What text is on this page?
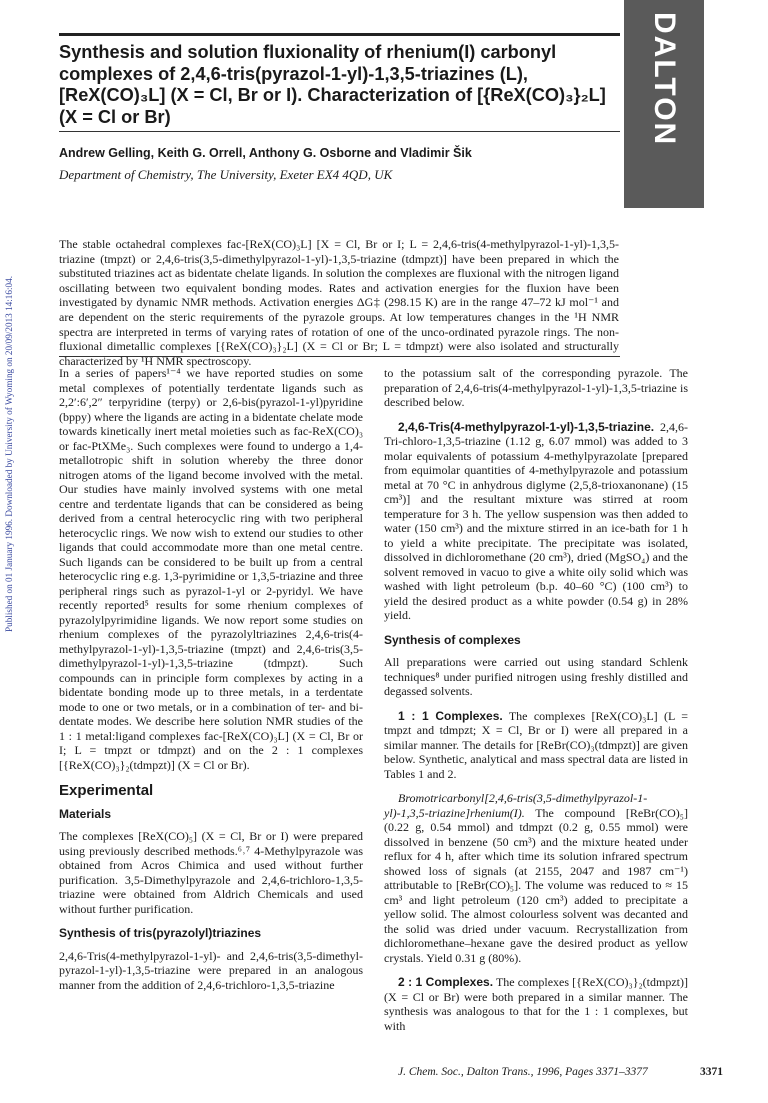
DALTON
Synthesis and solution fluxionality of rhenium(I) carbonyl complexes of 2,4,6-tris(pyrazol-1-yl)-1,3,5-triazines (L), [ReX(CO)₃L] (X = Cl, Br or I). Characterization of [{ReX(CO)₃}₂L] (X = Cl or Br)
Andrew Gelling, Keith G. Orrell, Anthony G. Osborne and Vladimir Šik
Department of Chemistry, The University, Exeter EX4 4QD, UK
Published on 01 January 1996. Downloaded by University of Wyoming on 20/09/2013 14:16:04.

The stable octahedral complexes fac-[ReX(CO)₃L] [X = Cl, Br or I; L = 2,4,6-tris(4-methylpyrazol-1-yl)-1,3,5-triazine (tmpzt) or 2,4,6-tris(3,5-dimethylpyrazol-1-yl)-1,3,5-triazine (tdmpzt)] have been prepared in which the substituted triazines act as bidentate chelate ligands. In solution the complexes are fluxional with the nitrogen ligand oscillating between two equivalent bonding modes. Rates and activation energies for the fluxion have been investigated by dynamic NMR methods. Activation energies ΔG‡ (298.15 K) are in the range 47–72 kJ mol⁻¹ and are dependent on the steric requirements of the pyrazole groups. At low temperatures changes in the ¹H NMR spectra are interpreted in terms of varying rates of rotation of one of the unco-ordinated pyrazole rings. The non-fluxional dimetallic complexes [{ReX(CO)₃}₂L] (X = Cl or Br; L = tdmpzt) were also isolated and structurally characterized by ¹H NMR spectroscopy.

In a series of papers¹⁻⁴ we have reported studies on some metal complexes of potentially terdentate ligands such as 2,2′:6′,2″ terpyridine (terpy) or 2,6-bis(pyrazol-1-yl)pyridine (bppy) where the ligands are acting in a bidentate chelate mode towards kinetically inert metal moieties such as fac-ReX(CO)₃ or fac-PtXMe₃. Such complexes were found to undergo a 1,4-metallotropic shift in solution whereby the three donor nitrogen atoms of the ligand become involved with the metal. Our studies have mainly involved systems with one metal centre and terdentate ligands that can be considered as being derived from a central heterocyclic ring with two peripheral heterocyclic rings. We now wish to extend our studies to other ligands that could accommodate more than one metal centre. Such ligands can be considered to be built up from a central heterocyclic ring e.g. 1,3-pyrimidine or 1,3,5-triazine and three peripheral rings such as pyrazol-1-yl or 2-pyridyl. We have recently reported⁵ results for some rhenium complexes of pyrazolylpyrimidine ligands. We now report some studies on rhenium complexes of the pyrazolyltriazines 2,4,6-tris(4-methylpyrazol-1-yl)-1,3,5-triazine (tmpzt) and 2,4,6-tris(3,5-dimethylpyrazol-1-yl)-1,3,5-triazine (tdmpzt). Such compounds can in principle form complexes by acting in a bidentate bonding mode up to three metals, in a terdentate mode to one or two metals, or in a combination of ter- and bi-dentate modes. We describe here solution NMR studies of the 1 : 1 metal:ligand complexes fac-[ReX(CO)₃L] (X = Cl, Br or I; L = tmpzt or tdmpzt) and on the 2 : 1 complexes [{ReX(CO)₃}₂(tdmpzt)] (X = Cl or Br).

Experimental
Materials

The complexes [ReX(CO)₅] (X = Cl, Br or I) were prepared using previously described methods.⁶˒⁷ 4-Methylpyrazole was obtained from Acros Chimica and used without further purification. 3,5-Dimethylpyrazole and 2,4,6-trichloro-1,3,5-triazine were obtained from Aldrich Chemicals and used without further purification.

Synthesis of tris(pyrazolyl)triazines

2,4,6-Tris(4-methylpyrazol-1-yl)- and 2,4,6-tris(3,5-dimethyl-pyrazol-1-yl)-1,3,5-triazine were prepared in an analogous manner from the addition of 2,4,6-trichloro-1,3,5-triazine

to the potassium salt of the corresponding pyrazole. The preparation of 2,4,6-tris(4-methylpyrazol-1-yl)-1,3,5-triazine is described below.

2,4,6-Tris(4-methylpyrazol-1-yl)-1,3,5-triazine. 2,4,6-Tri-chloro-1,3,5-triazine (1.12 g, 6.07 mmol) was added to 3 molar equivalents of potassium 4-methylpyrazolate [prepared from equimolar quantities of 4-methylpyrazole and potassium metal at 70 °C in anhydrous diglyme (2,5,8-trioxanonane) (15 cm³)] and the resultant mixture was stirred at room temperature for 3 h. The yellow suspension was then added to water (150 cm³) and the mixture stirred in an ice-bath for 1 h to yield a white precipitate. The precipitate was isolated, dissolved in dichloromethane (20 cm³), dried (MgSO₄) and the solvent removed in vacuo to give a white oily solid which was washed with light petroleum (b.p. 40–60 °C) (100 cm³) to yield the desired product as a white powder (0.54 g) in 28% yield.

Synthesis of complexes

All preparations were carried out using standard Schlenk techniques⁸ under purified nitrogen using freshly distilled and degassed solvents.

1 : 1 Complexes. The complexes [ReX(CO)₃L] (L = tmpzt and tdmpzt; X = Cl, Br or I) were all prepared in a similar manner. The details for [ReBr(CO)₃(tdmpzt)] are given below. Synthetic, analytical and mass spectral data are listed in Tables 1 and 2.

Bromotricarbonyl[2,4,6-tris(3,5-dimethylpyrazol-1-yl)-1,3,5-triazine]rhenium(I). The compound [ReBr(CO)₅] (0.22 g, 0.54 mmol) and tdmpzt (0.2 g, 0.55 mmol) were dissolved in benzene (50 cm³) and the mixture heated under reflux for 4 h, after which time its solution infrared spectrum showed loss of signals (at 2155, 2047 and 1987 cm⁻¹) attributable to [ReBr(CO)₅]. The volume was reduced to ≈ 15 cm³ and light petroleum (120 cm³) added to precipitate a yellow solid. The almost colourless solvent was decanted and the solid was dried under vacuum. Recrystallization from dichloromethane–hexane gave the desired product as yellow crystals. Yield 0.31 g (80%).

2 : 1 Complexes. The complexes [{ReX(CO)₃}₂(tdmpzt)] (X = Cl or Br) were both prepared in a similar manner. The synthesis was analogous to that for the 1 : 1 complexes, but with

J. Chem. Soc., Dalton Trans., 1996, Pages 3371–3377	3371
